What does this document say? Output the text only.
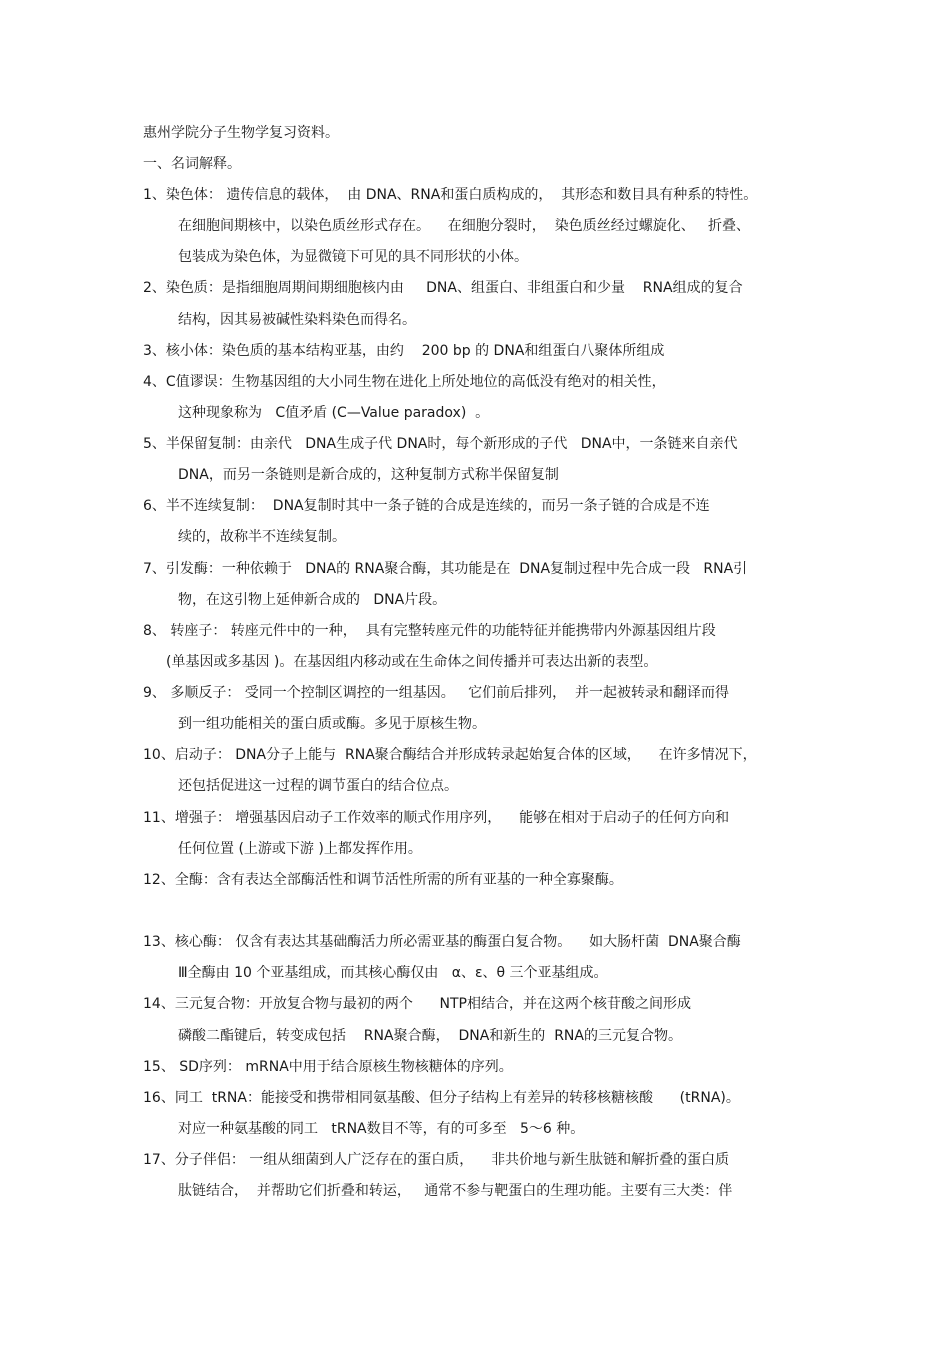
惠州学院分子生物学复习资料。
一、名词解释。
1、染色体： 遗传信息的载体，  由 DNA、RNA和蛋白质构成的，  其形态和数目具有种系的特性。
在细胞间期核中，以染色质丝形式存在。    在细胞分裂时，  染色质丝经过螺旋化、   折叠、
包装成为染色体，为显微镜下可见的具不同形状的小体。
2、染色质：是指细胞周期间期细胞核内由     DNA、组蛋白、非组蛋白和少量    RNA组成的复合
结构，因其易被碱性染料染色而得名。
3、核小体：染色质的基本结构亚基，由约    200 bp 的 DNA和组蛋白八聚体所组成
4、C值谬误：生物基因组的大小同生物在进化上所处地位的高低没有绝对的相关性，
这种现象称为   C值矛盾 (C—Value paradox)  。
5、半保留复制：由亲代   DNA生成子代 DNA时，每个新形成的子代   DNA中，一条链来自亲代
DNA，而另一条链则是新合成的，这种复制方式称半保留复制
6、半不连续复制：  DNA复制时其中一条子链的合成是连续的，而另一条子链的合成是不连
续的，故称半不连续复制。
7、引发酶：一种依赖于   DNA的 RNA聚合酶，其功能是在  DNA复制过程中先合成一段   RNA引
物，在这引物上延伸新合成的   DNA片段。
8、 转座子： 转座元件中的一种，  具有完整转座元件的功能特征并能携带内外源基因组片段
(单基因或多基因 )。在基因组内移动或在生命体之间传播并可表达出新的表型。
9、 多顺反子： 受同一个控制区调控的一组基因。   它们前后排列，  并一起被转录和翻译而得
到一组功能相关的蛋白质或酶。多见于原核生物。
10、启动子： DNA分子上能与  RNA聚合酶结合并形成转录起始复合体的区域，    在许多情况下，
还包括促进这一过程的调节蛋白的结合位点。
11、增强子： 增强基因启动子工作效率的顺式作用序列，    能够在相对于启动子的任何方向和
任何位置 (上游或下游 )上都发挥作用。
12、全酶：含有表达全部酶活性和调节活性所需的所有亚基的一种全寡聚酶。
13、核心酶： 仅含有表达其基础酶活力所必需亚基的酶蛋白复合物。    如大肠杆菌  DNA聚合酶
Ⅲ全酶由 10 个亚基组成，而其核心酶仅由   α、ε、θ 三个亚基组成。
14、三元复合物：开放复合物与最初的两个      NTP相结合，并在这两个核苷酸之间形成
磷酸二酯键后，转变成包括    RNA聚合酶，  DNA和新生的  RNA的三元复合物。
15、 SD序列： mRNA中用于结合原核生物核糖体的序列。
16、同工  tRNA：能接受和携带相同氨基酸、但分子结构上有差异的转移核糖核酸      (tRNA)。
对应一种氨基酸的同工   tRNA数目不等，有的可多至   5～6 种。
17、分子伴侣： 一组从细菌到人广泛存在的蛋白质，    非共价地与新生肽链和解折叠的蛋白质
肽链结合，  并帮助它们折叠和转运，   通常不参与靶蛋白的生理功能。主要有三大类：伴
